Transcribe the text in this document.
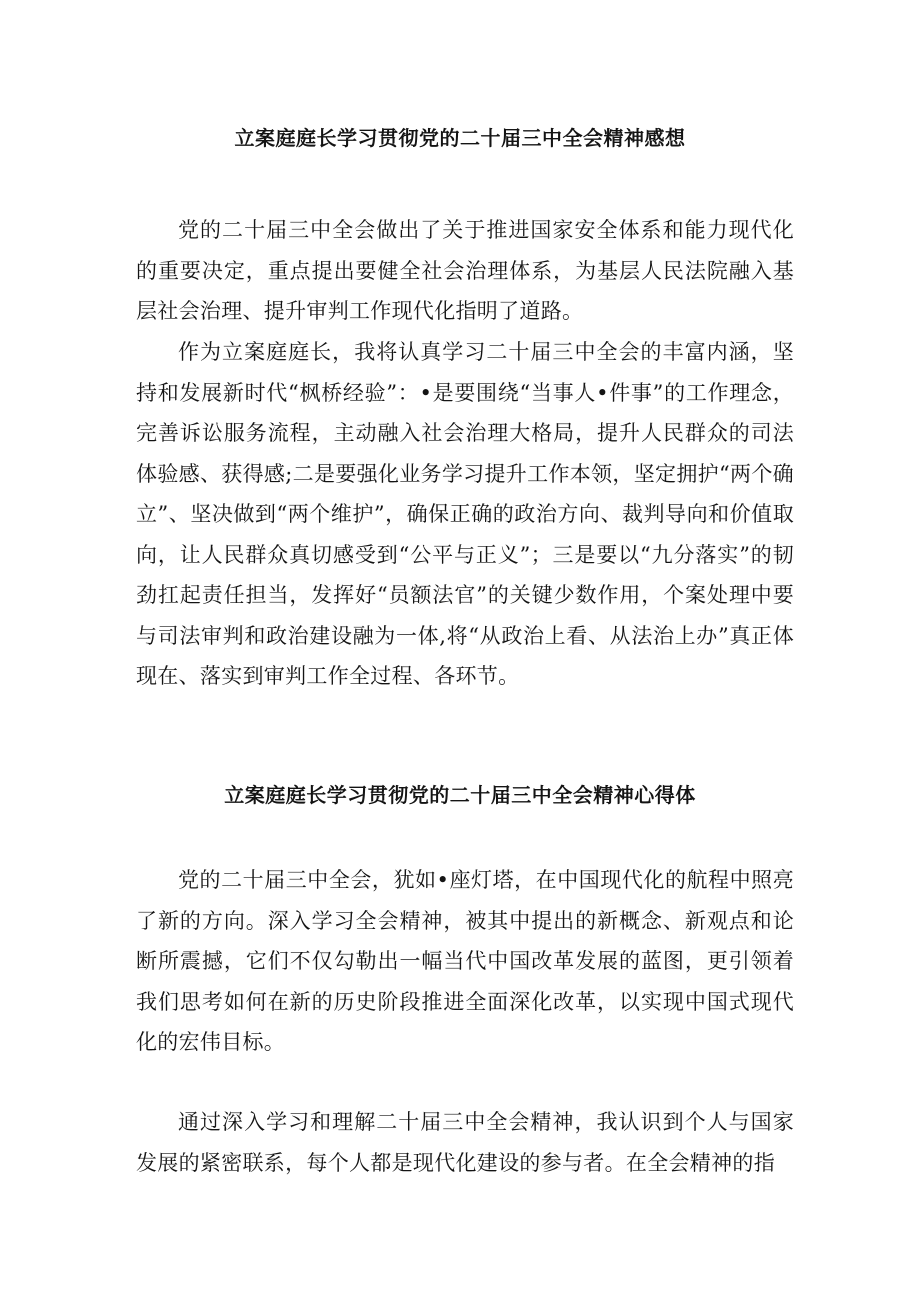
立案庭庭长学习贯彻党的二十届三中全会精神感想

党的二十届三中全会做出了关于推进国家安全体系和能力现代化的重要决定，重点提出要健全社会治理体系，为基层人民法院融入基层社会治理、提升审判工作现代化指明了道路。

作为立案庭庭长，我将认真学习二十届三中全会的丰富内涵，坚持和发展新时代“枫桥经验”：•是要围绕“当事人•件事”的工作理念，完善诉讼服务流程，主动融入社会治理大格局，提升人民群众的司法体验感、获得感;二是要强化业务学习提升工作本领，坚定拥护“两个确立”、坚决做到“两个维护”，确保正确的政治方向、裁判导向和价值取向，让人民群众真切感受到“公平与正义”；三是要以“九分落实”的韧劲扛起责任担当，发挥好“员额法官”的关键少数作用，个案处理中要与司法审判和政治建设融为一体,将“从政治上看、从法治上办”真正体现在、落实到审判工作全过程、各环节。

立案庭庭长学习贯彻党的二十届三中全会精神心得体

党的二十届三中全会，犹如•座灯塔，在中国现代化的航程中照亮了新的方向。深入学习全会精神，被其中提出的新概念、新观点和论断所震撼，它们不仅勾勒出一幅当代中国改革发展的蓝图，更引领着我们思考如何在新的历史阶段推进全面深化改革，以实现中国式现代化的宏伟目标。

通过深入学习和理解二十届三中全会精神，我认识到个人与国家发展的紧密联系，每个人都是现代化建设的参与者。在全会精神的指
